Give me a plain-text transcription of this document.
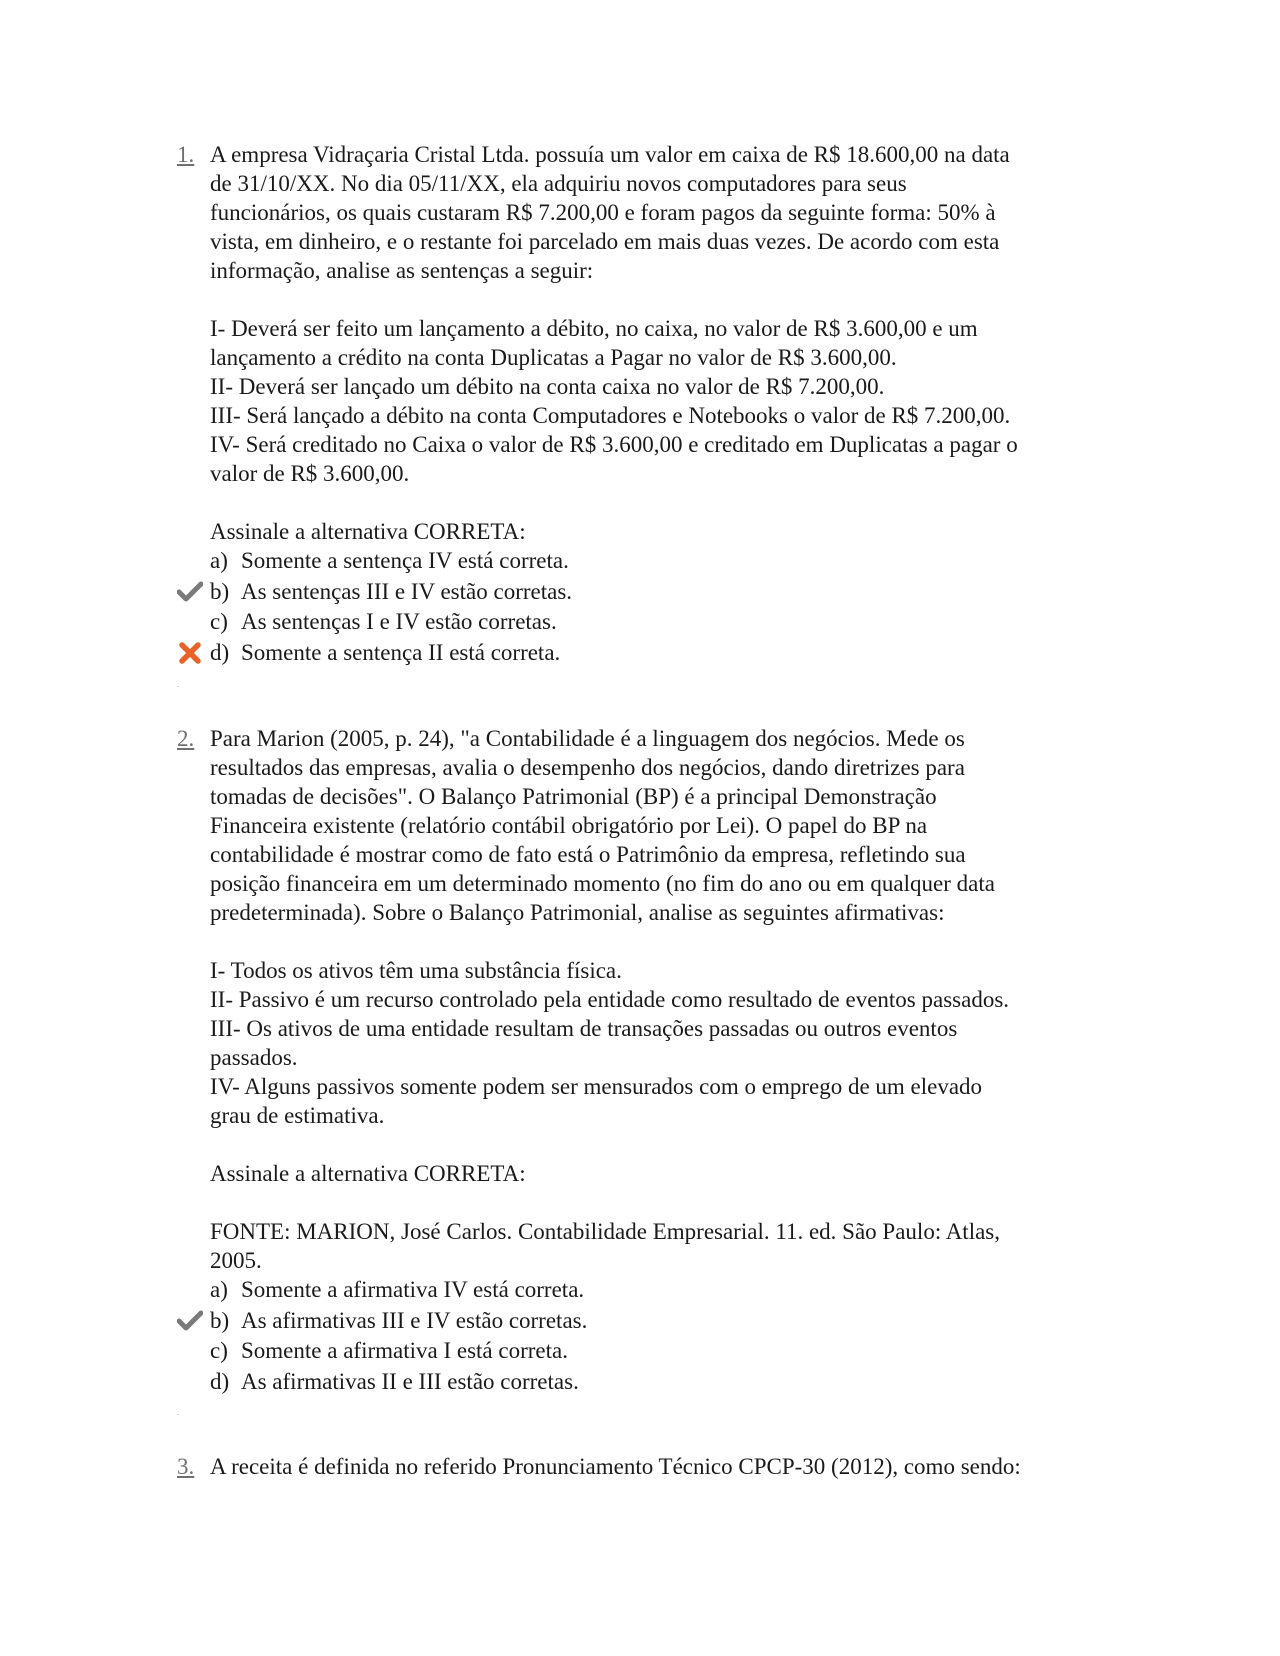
1. A empresa Vidraçaria Cristal Ltda. possuía um valor em caixa de R$ 18.600,00 na data
de 31/10/XX. No dia 05/11/XX, ela adquiriu novos computadores para seus
funcionários, os quais custaram R$ 7.200,00 e foram pagos da seguinte forma: 50% à
vista, em dinheiro, e o restante foi parcelado em mais duas vezes. De acordo com esta
informação, analise as sentenças a seguir:
I- Deverá ser feito um lançamento a débito, no caixa, no valor de R$ 3.600,00 e um
lançamento a crédito na conta Duplicatas a Pagar no valor de R$ 3.600,00.
II- Deverá ser lançado um débito na conta caixa no valor de R$ 7.200,00.
III- Será lançado a débito na conta Computadores e Notebooks o valor de R$ 7.200,00.
IV- Será creditado no Caixa o valor de R$ 3.600,00 e creditado em Duplicatas a pagar o
valor de R$ 3.600,00.
Assinale a alternativa CORRETA:
a) Somente a sentença IV está correta.
b) As sentenças III e IV estão corretas.
c) As sentenças I e IV estão corretas.
d) Somente a sentença II está correta.
2. Para Marion (2005, p. 24), "a Contabilidade é a linguagem dos negócios. Mede os
resultados das empresas, avalia o desempenho dos negócios, dando diretrizes para
tomadas de decisões". O Balanço Patrimonial (BP) é a principal Demonstração
Financeira existente (relatório contábil obrigatório por Lei). O papel do BP na
contabilidade é mostrar como de fato está o Patrimônio da empresa, refletindo sua
posição financeira em um determinado momento (no fim do ano ou em qualquer data
predeterminada). Sobre o Balanço Patrimonial, analise as seguintes afirmativas:
I- Todos os ativos têm uma substância física.
II- Passivo é um recurso controlado pela entidade como resultado de eventos passados.
III- Os ativos de uma entidade resultam de transações passadas ou outros eventos
passados.
IV- Alguns passivos somente podem ser mensurados com o emprego de um elevado
grau de estimativa.
Assinale a alternativa CORRETA:
FONTE: MARION, José Carlos. Contabilidade Empresarial. 11. ed. São Paulo: Atlas,
2005.
a) Somente a afirmativa IV está correta.
b) As afirmativas III e IV estão corretas.
c) Somente a afirmativa I está correta.
d) As afirmativas II e III estão corretas.
3. A receita é definida no referido Pronunciamento Técnico CPCP-30 (2012), como sendo:
